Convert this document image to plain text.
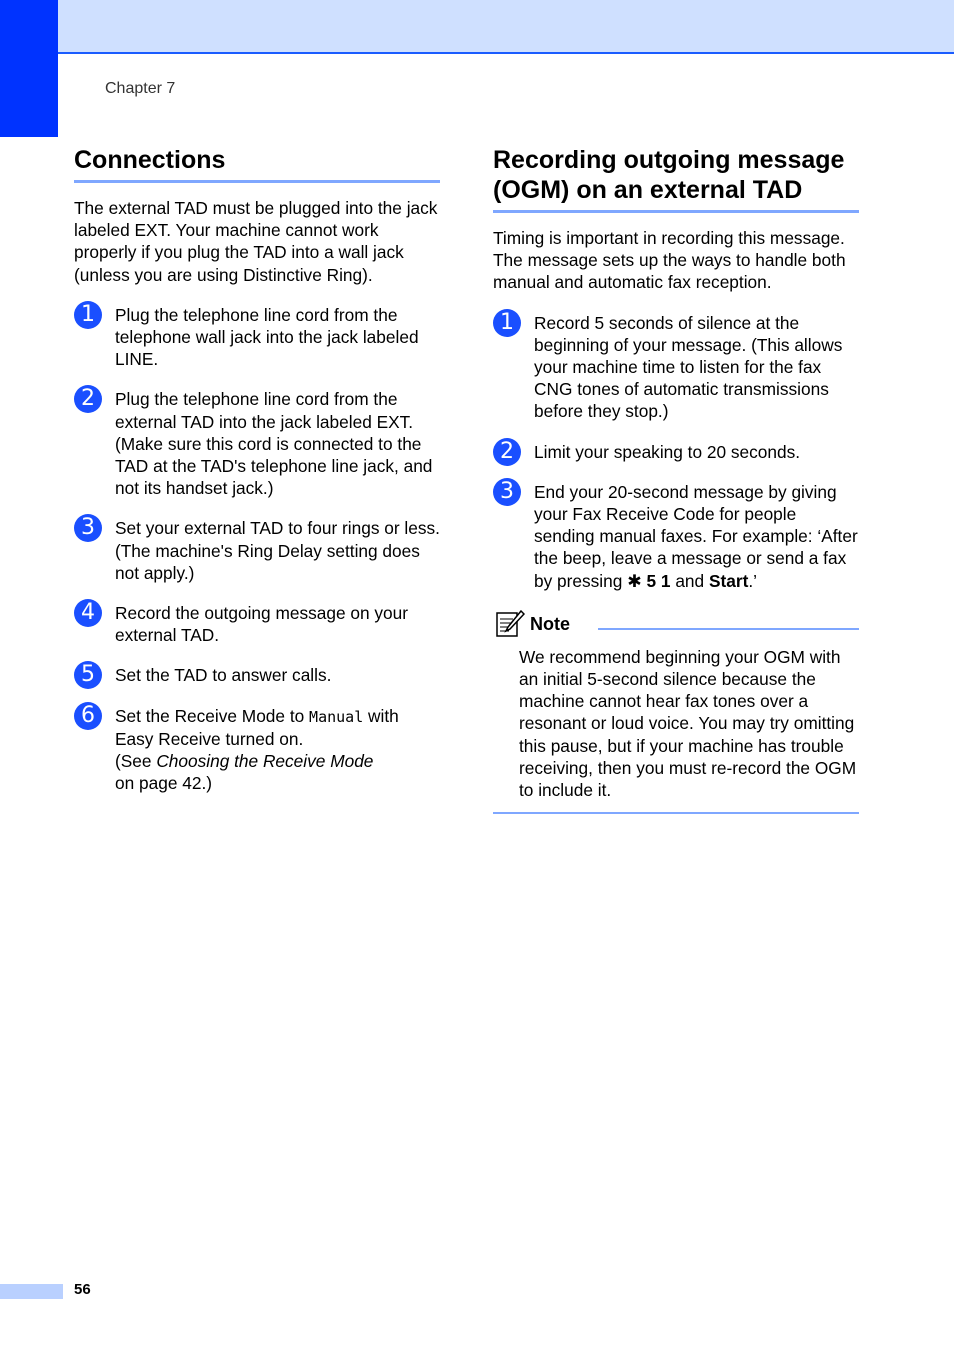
Chapter 7
Connections

The external TAD must be plugged into the jack labeled EXT. Your machine cannot work properly if you plug the TAD into a wall jack (unless you are using Distinctive Ring).

1	Plug the telephone line cord from the telephone wall jack into the jack labeled LINE.
2	Plug the telephone line cord from the external TAD into the jack labeled EXT. (Make sure this cord is connected to the TAD at the TAD's telephone line jack, and not its handset jack.)
3	Set your external TAD to four rings or less. (The machine's Ring Delay setting does not apply.)
4	Record the outgoing message on your external TAD.
5	Set the TAD to answer calls.
6	Set the Receive Mode to Manual with Easy Receive turned on.
(See Choosing the Receive Mode
on page 42.)
Recording outgoing message (OGM) on an external TAD

Timing is important in recording this message. The message sets up the ways to handle both manual and automatic fax reception.

1	Record 5 seconds of silence at the beginning of your message. (This allows your machine time to listen for the fax CNG tones of automatic transmissions before they stop.)
2	Limit your speaking to 20 seconds.
3	End your 20-second message by giving your Fax Receive Code for people sending manual faxes. For example: ‘After the beep, leave a message or send a fax by pressing ✱ 5 1 and Start.’
Note
We recommend beginning your OGM with an initial 5-second silence because the machine cannot hear fax tones over a resonant or loud voice. You may try omitting this pause, but if your machine has trouble receiving, then you must re-record the OGM to include it.
56
